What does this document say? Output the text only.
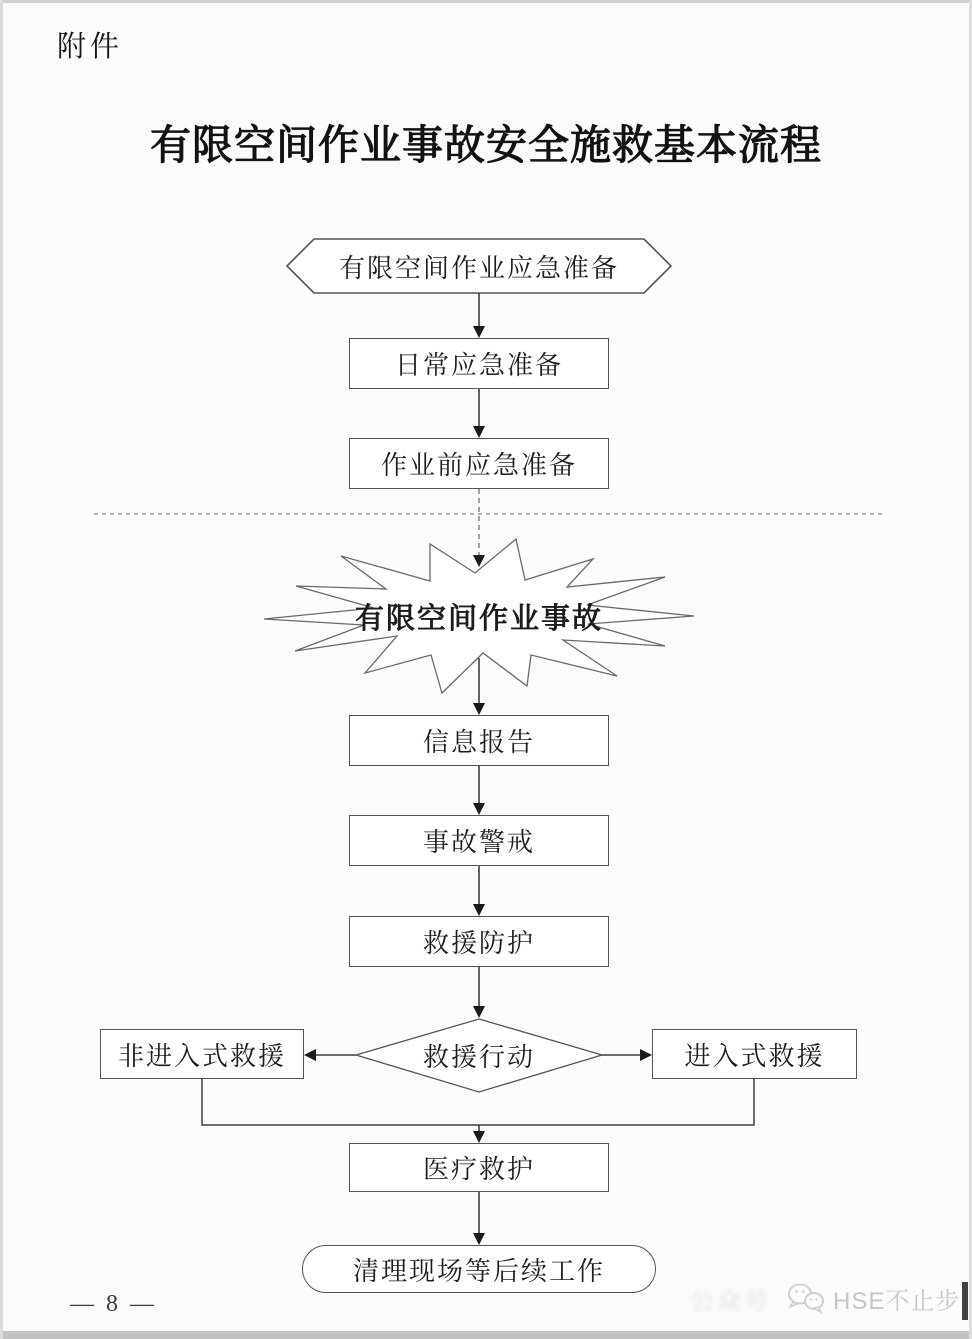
附件
有限空间作业事故安全施救基本流程
有限空间作业应急准备
日常应急准备
作业前应急准备
有限空间作业事故
信息报告
事故警戒
救援防护
救援行动
非进入式救援	进入式救援
医疗救护
清理现场等后续工作
—  8  —	公众号	HSE不止步
